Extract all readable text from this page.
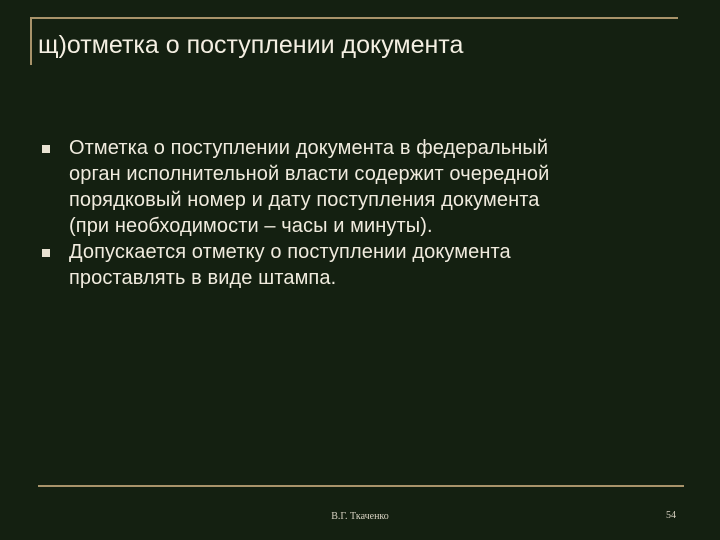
щ)отметка о поступлении документа
Отметка о поступлении документа в федеральный
орган исполнительной власти содержит очередной
порядковый номер и дату поступления документа
(при необходимости – часы и минуты).
Допускается отметку о поступлении документа
проставлять в виде штампа.
В.Г. Ткаченко	54
